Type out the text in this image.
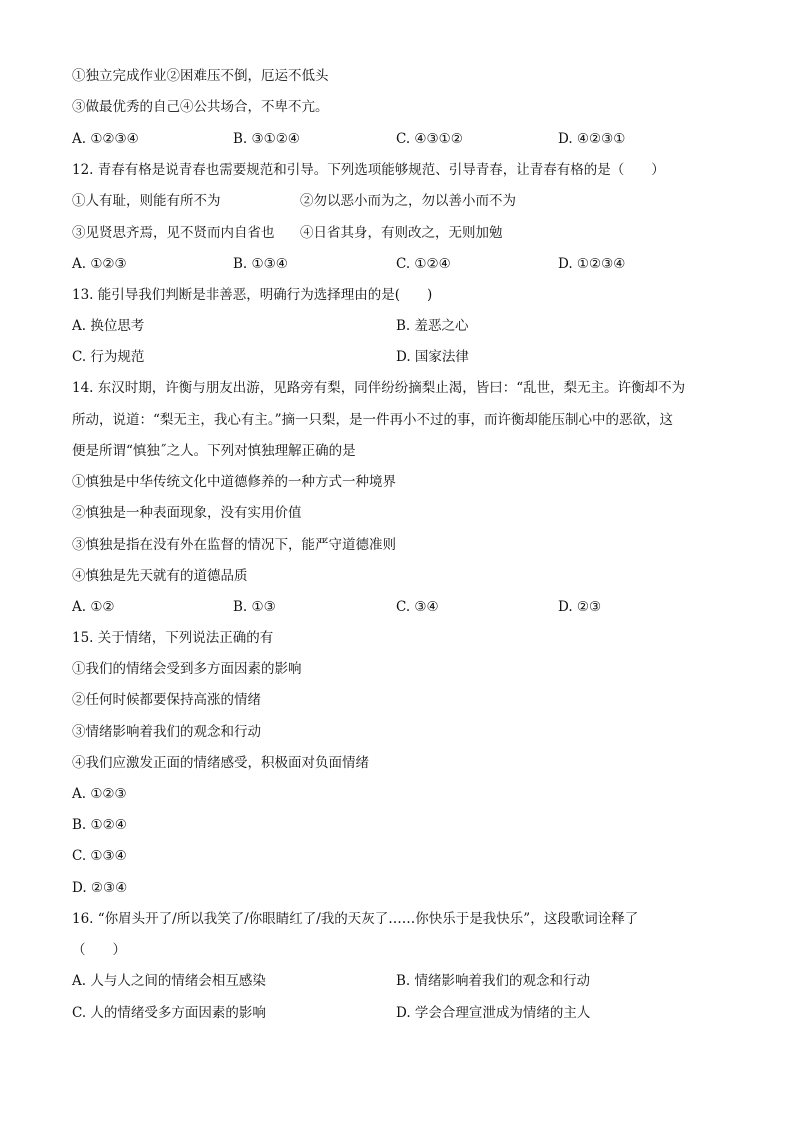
①独立完成作业②困难压不倒，厄运不低头
③做最优秀的自己④公共场合，不卑不亢。
A. ①②③④	B. ③①②④	C. ④③①②	D. ④②③①
12. 青春有格是说青春也需要规范和引导。下列选项能够规范、引导青春，让青春有格的是（　　）
①人有耻，则能有所不为	②勿以恶小而为之，勿以善小而不为
③见贤思齐焉，见不贤而内自省也 ④日省其身，有则改之，无则加勉
A. ①②③	B. ①③④	C. ①②④	D. ①②③④
13. 能引导我们判断是非善恶，明确行为选择理由的是(　　)
A. 换位思考	B. 羞恶之心
C. 行为规范	D. 国家法律
14. 东汉时期，许衡与朋友出游，见路旁有梨，同伴纷纷摘梨止渴，皆曰：“乱世，梨无主。许衡却不为
所动，说道：“梨无主，我心有主。”摘一只梨，是一件再小不过的事，而许衡却能压制心中的恶欲，这
便是所谓“慎独˝之人。下列对慎独理解正确的是
①慎独是中华传统文化中道德修养的一种方式一种境界
②慎独是一种表面现象，没有实用价值
③慎独是指在没有外在监督的情况下，能严守道德准则
④慎独是先天就有的道德品质
A. ①②	B. ①③	C. ③④	D. ②③
15. 关于情绪，下列说法正确的有
①我们的情绪会受到多方面因素的影响
②任何时候都要保持高涨的情绪
③情绪影响着我们的观念和行动
④我们应激发正面的情绪感受，积极面对负面情绪
A. ①②③
B. ①②④
C. ①③④
D. ②③④
16. “你眉头开了/所以我笑了/你眼睛红了/我的天灰了……你快乐于是我快乐”，这段歌词诠释了
（　　）
A. 人与人之间的情绪会相互感染	B. 情绪影响着我们的观念和行动
C. 人的情绪受多方面因素的影响	D. 学会合理宣泄成为情绪的主人
